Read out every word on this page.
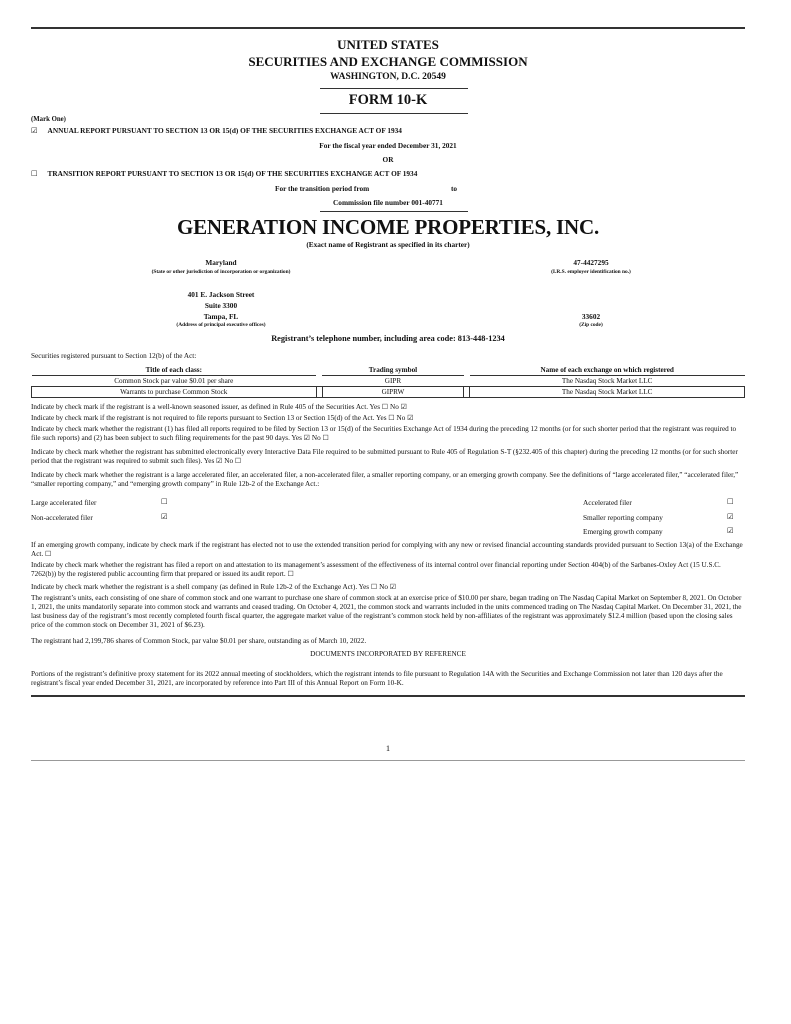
UNITED STATES
SECURITIES AND EXCHANGE COMMISSION
WASHINGTON, D.C. 20549
FORM 10-K
(Mark One)
☑ ANNUAL REPORT PURSUANT TO SECTION 13 OR 15(d) OF THE SECURITIES EXCHANGE ACT OF 1934
For the fiscal year ended December 31, 2021
OR
☐ TRANSITION REPORT PURSUANT TO SECTION 13 OR 15(d) OF THE SECURITIES EXCHANGE ACT OF 1934
For the transition period from	to
Commission file number 001-40771
GENERATION INCOME PROPERTIES, INC.
(Exact name of Registrant as specified in its charter)
Maryland
(State or other jurisdiction of incorporation or organization)
47-4427295
(I.R.S. employer identification no.)
401 E. Jackson Street
Suite 3300
Tampa, FL
(Address of principal executive offices)
33602
(Zip code)
Registrant’s telephone number, including area code: 813-448-1234
Securities registered pursuant to Section 12(b) of the Act:
Title of each class:		Trading symbol		Name of each exchange on which registered
Common Stock par value $0.01 per share		GIPR		The Nasdaq Stock Market LLC
Warrants to purchase Common Stock		GIPRW		The Nasdaq Stock Market LLC
Indicate by check mark if the registrant is a well-known seasoned issuer, as defined in Rule 405 of the Securities Act. Yes ☐ No ☑
Indicate by check mark if the registrant is not required to file reports pursuant to Section 13 or Section 15(d) of the Act. Yes ☐ No ☑
Indicate by check mark whether the registrant (1) has filed all reports required to be filed by Section 13 or 15(d) of the Securities Exchange Act of 1934 during the preceding 12 months (or for such shorter period that the registrant was required to file such reports) and (2) has been subject to such filing requirements for the past 90 days. Yes ☑ No ☐
Indicate by check mark whether the registrant has submitted electronically every Interactive Data File required to be submitted pursuant to Rule 405 of Regulation S-T (§232.405 of this chapter) during the preceding 12 months (or for such shorter period that the registrant was required to submit such files). Yes ☑ No ☐
Indicate by check mark whether the registrant is a large accelerated filer, an accelerated filer, a non-accelerated filer, a smaller reporting company, or an emerging growth company. See the definitions of “large accelerated filer,” “accelerated filer,” “smaller reporting company,” and “emerging growth company” in Rule 12b-2 of the Exchange Act.:
Large accelerated filer	☐
Non-accelerated filer	☑
Accelerated filer	☐
Smaller reporting company	☑
Emerging growth company	☑
If an emerging growth company, indicate by check mark if the registrant has elected not to use the extended transition period for complying with any new or revised financial accounting standards provided pursuant to Section 13(a) of the Exchange Act. ☐
Indicate by check mark whether the registrant has filed a report on and attestation to its management’s assessment of the effectiveness of its internal control over financial reporting under Section 404(b) of the Sarbanes-Oxley Act (15 U.S.C. 7262(b)) by the registered public accounting firm that prepared or issued its audit report. ☐
Indicate by check mark whether the registrant is a shell company (as defined in Rule 12b-2 of the Exchange Act). Yes ☐ No ☑
The registrant’s units, each consisting of one share of common stock and one warrant to purchase one share of common stock at an exercise price of $10.00 per share, began trading on The Nasdaq Capital Market on September 8, 2021. On October 1, 2021, the units mandatorily separate into common stock and warrants and ceased trading. On October 4, 2021, the common stock and warrants included in the units commenced trading on The Nasdaq Capital Market. On December 31, 2021, the last business day of the registrant’s most recently completed fourth fiscal quarter, the aggregate market value of the registrant’s common stock held by non-affiliates of the registrant was approximately $12.4 million (based upon the closing sales price of the common stock on December 31, 2021 of $6.23).
The registrant had 2,199,786 shares of Common Stock, par value $0.01 per share, outstanding as of March 10, 2022.
DOCUMENTS INCORPORATED BY REFERENCE
Portions of the registrant’s definitive proxy statement for its 2022 annual meeting of stockholders, which the registrant intends to file pursuant to Regulation 14A with the Securities and Exchange Commission not later than 120 days after the registrant’s fiscal year ended December 31, 2021, are incorporated by reference into Part III of this Annual Report on Form 10-K.
1
